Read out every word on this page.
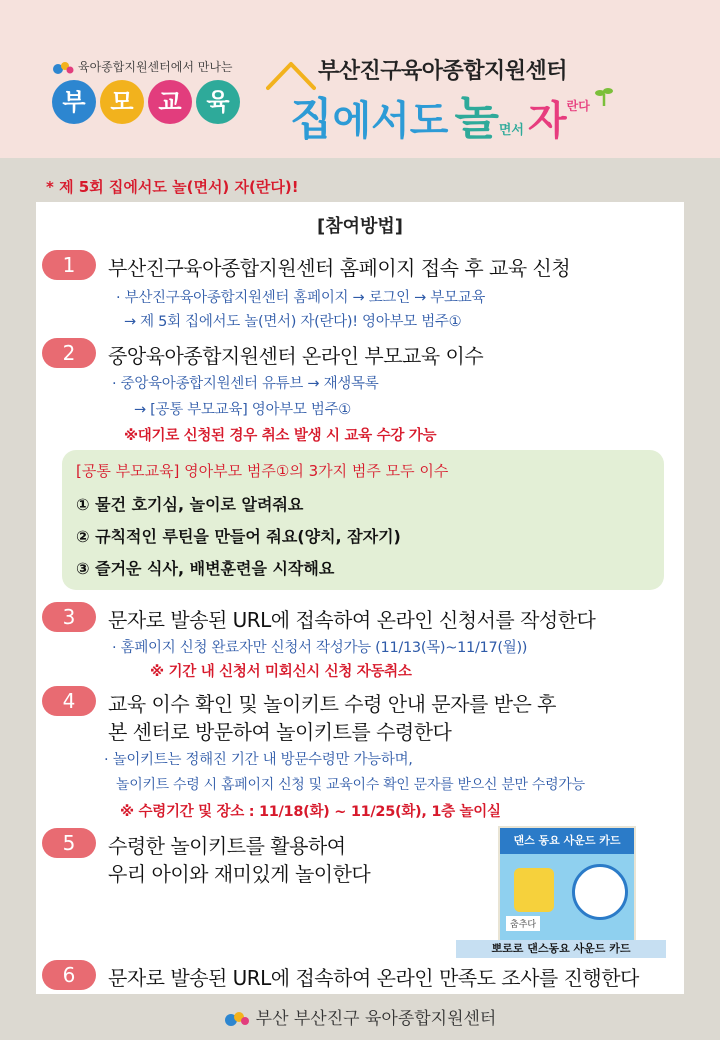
육아종합지원센터에서 만나는
부	모	교	육
부산진구육아종합지원센터
집에서도 놀면서 자란다
* 제 5회 집에서도 놀(면서) 자(란다)!
[참여방법]
1	부산진구육아종합지원센터 홈페이지 접속 후 교육 신청
· 부산진구육아종합지원센터 홈페이지 → 로그인 → 부모교육
→ 제 5회 집에서도 놀(면서) 자(란다)! 영아부모 범주①
2	중앙육아종합지원센터 온라인 부모교육 이수
· 중앙육아종합지원센터 유튜브 → 재생목록
→ [공통 부모교육] 영아부모 범주①
※대기로 신청된 경우 취소 발생 시 교육 수강 가능
[공통 부모교육] 영아부모 범주①의 3가지 범주 모두 이수
① 물건 호기심, 놀이로 알려줘요
② 규칙적인 루틴을 만들어 줘요(양치, 잠자기)
③ 즐거운 식사, 배변훈련을 시작해요
3	문자로 발송된 URL에 접속하여 온라인 신청서를 작성한다
· 홈페이지 신청 완료자만 신청서 작성가능 (11/13(목)~11/17(월))
※ 기간 내 신청서 미회신시 신청 자동취소
4	교육 이수 확인 및 놀이키트 수령 안내 문자를 받은 후
본 센터로 방문하여 놀이키트를 수령한다
· 놀이키트는 정해진 기간 내 방문수령만 가능하며,
놀이키트 수령 시 홈페이지 신청 및 교육이수 확인 문자를 받으신 분만 수령가능
※ 수령기간 및 장소 : 11/18(화) ~ 11/25(화), 1층 놀이실
5	수령한 놀이키트를 활용하여
우리 아이와 재미있게 놀이한다
댄스 동요 사운드 카드
춤추다
뽀로로 댄스동요 사운드 카드
6	문자로 발송된 URL에 접속하여 온라인 만족도 조사를 진행한다
부산 부산진구 육아종합지원센터
